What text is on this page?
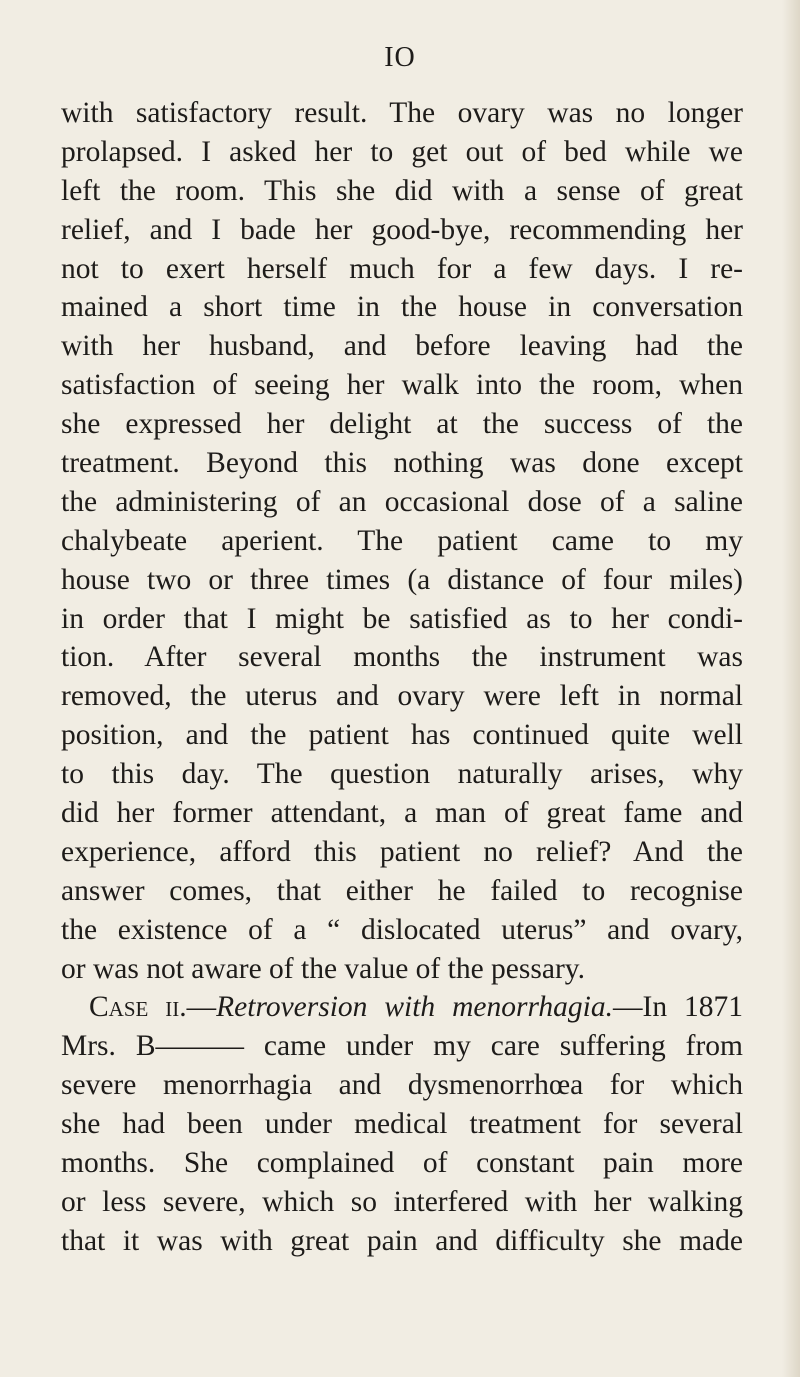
IO
with satisfactory result. The ovary was no longer
prolapsed. I asked her to get out of bed while we
left the room. This she did with a sense of great
relief, and I bade her good-bye, recommending her
not to exert herself much for a few days. I re-
mained a short time in the house in conversation
with her husband, and before leaving had the
satisfaction of seeing her walk into the room, when
she expressed her delight at the success of the
treatment. Beyond this nothing was done except
the administering of an occasional dose of a saline
chalybeate aperient. The patient came to my
house two or three times (a distance of four miles)
in order that I might be satisfied as to her condi-
tion. After several months the instrument was
removed, the uterus and ovary were left in normal
position, and the patient has continued quite well
to this day. The question naturally arises, why
did her former attendant, a man of great fame and
experience, afford this patient no relief? And the
answer comes, that either he failed to recognise
the existence of a “ dislocated uterus” and ovary,
or was not aware of the value of the pessary.
Case ii.—Retroversion with menorrhagia.—In 1871
Mrs. B——— came under my care suffering from
severe menorrhagia and dysmenorrhœa for which
she had been under medical treatment for several
months. She complained of constant pain more
or less severe, which so interfered with her walking
that it was with great pain and difficulty she made
